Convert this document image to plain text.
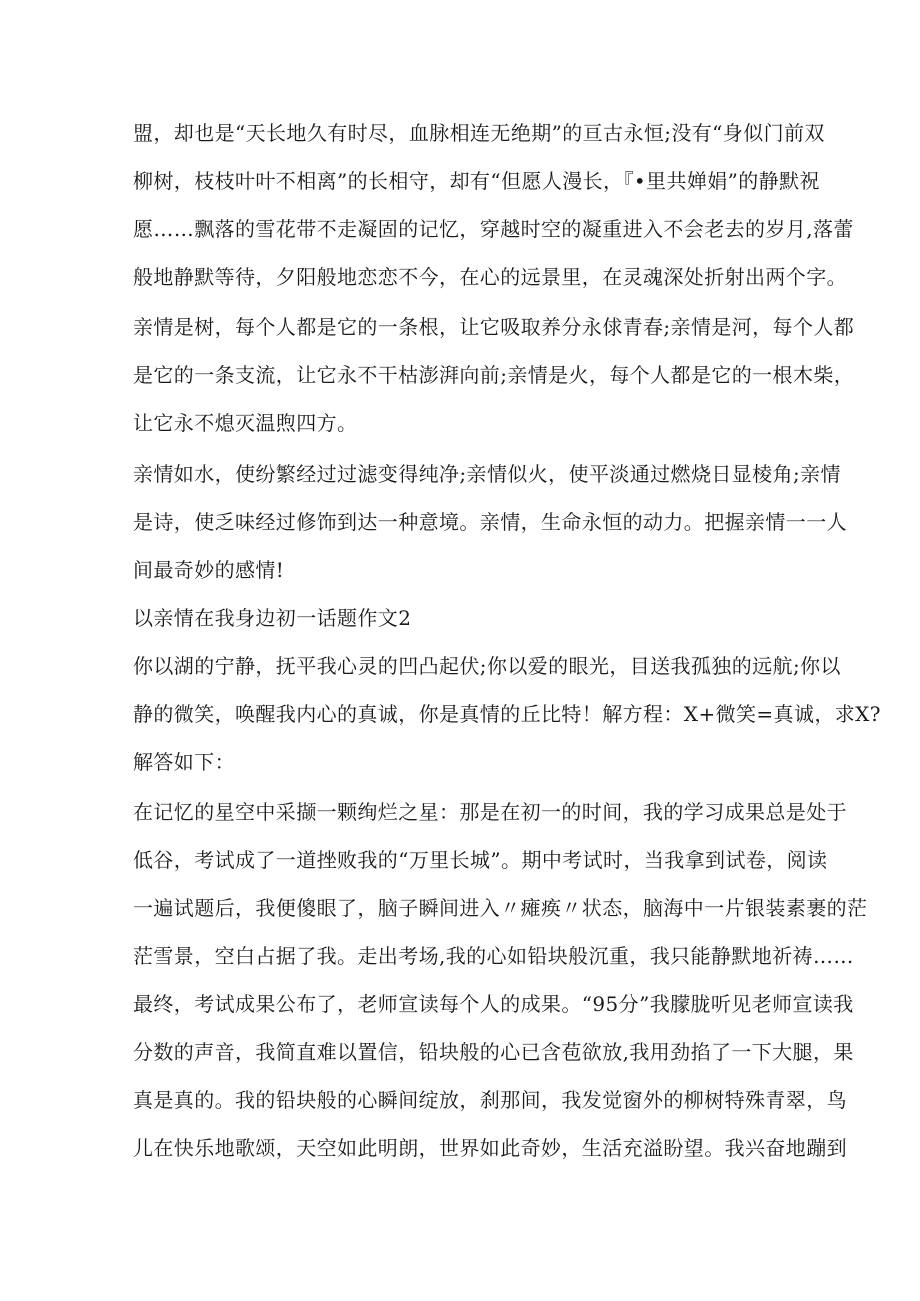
盟，却也是“天长地久有时尽，血脉相连无绝期”的亘古永恒;没有“身似门前双
柳树，枝枝叶叶不相离”的长相守，却有“但愿人漫长，『•里共婵娟”的静默祝
愿……飘落的雪花带不走凝固的记忆，穿越时空的凝重进入不会老去的岁月,落蕾
般地静默等待，夕阳般地恋恋不今，在心的远景里，在灵魂深处折射出两个字。
亲情是树，每个人都是它的一条根，让它吸取养分永俅青春;亲情是河，每个人都
是它的一条支流，让它永不干枯澎湃向前;亲情是火，每个人都是它的一根木柴，
让它永不熄灭温煦四方。
亲情如水，使纷繁经过过滤变得纯净;亲情似火，使平淡通过燃烧日显棱角;亲情
是诗，使乏味经过修饰到达一种意境。亲情，生命永恒的动力。把握亲情一一人
间最奇妙的感情!
以亲情在我身边初一话题作文2
你以湖的宁静，抚平我心灵的凹凸起伏;你以爱的眼光，目送我孤独的远航;你以
静的微笑，唤醒我内心的真诚，你是真情的丘比特！解方程：X+微笑=真诚，求X?
解答如下：
在记忆的星空中采撷一颗绚烂之星：那是在初一的时间，我的学习成果总是处于
低谷，考试成了一道挫败我的“万里长城”。期中考试时，当我拿到试卷，阅读
一遍试题后，我便傻眼了，脑子瞬间进入〃瘫痪〃状态，脑海中一片银装素裹的茫
茫雪景，空白占据了我。走出考场,我的心如铅块般沉重，我只能静默地祈祷……
最终，考试成果公布了，老师宣读每个人的成果。“95分”我朦胧听见老师宣读我
分数的声音，我简直难以置信，铅块般的心已含苞欲放,我用劲掐了一下大腿，果
真是真的。我的铅块般的心瞬间绽放，刹那间，我发觉窗外的柳树特殊青翠，鸟
儿在快乐地歌颂，天空如此明朗，世界如此奇妙，生活充溢盼望。我兴奋地蹦到
